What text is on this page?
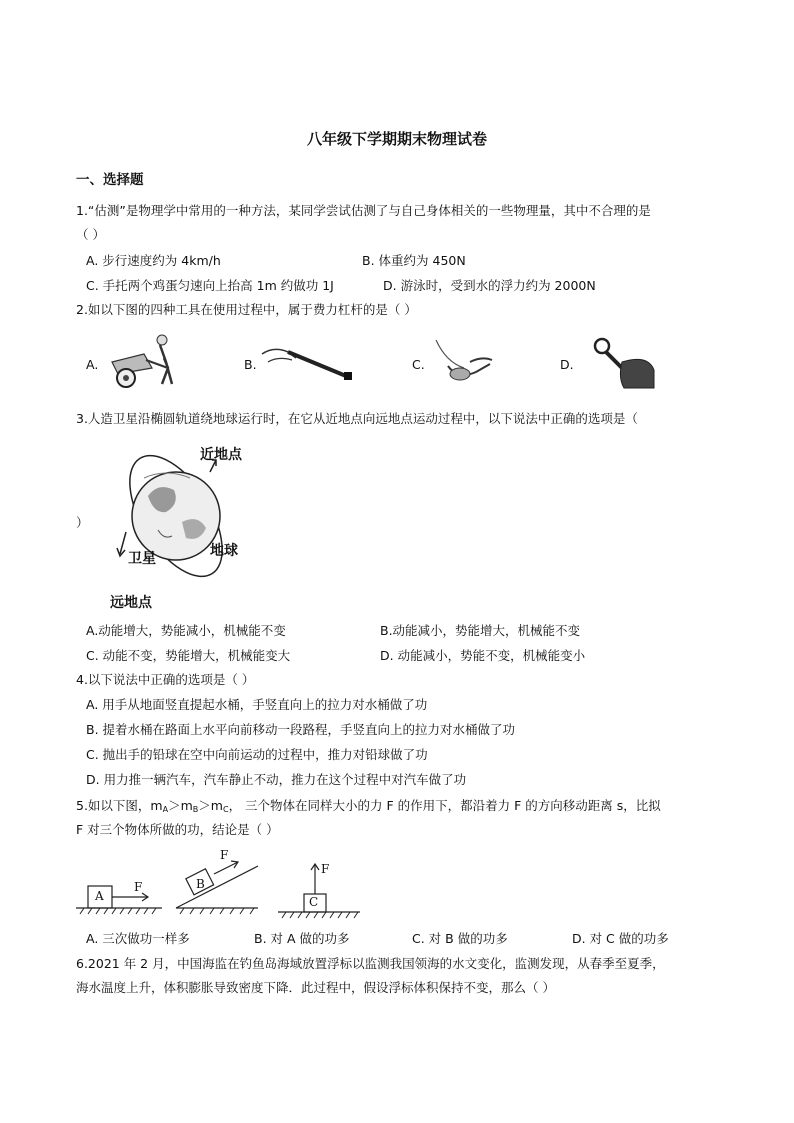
八年级下学期期末物理试卷
一、选择题
1.“估测”是物理学中常用的一种方法，某同学尝试估测了与自己身体相关的一些物理量，其中不合理的是
（ ）
A. 步行速度约为 4km/h	B. 体重约为 450N
C. 手托两个鸡蛋匀速向上抬高 1m 约做功 1J	D. 游泳时，受到水的浮力约为 2000N
2.如以下图的四种工具在使用过程中，属于费力杠杆的是（ ）
A.	B.	C.	D.
3.人造卫星沿椭圆轨道绕地球运行时，在它从近地点向远地点运动过程中，以下说法中正确的选项是（
）
近地点
地球
卫星
远地点
A.动能增大，势能减小，机械能不变	B.动能减小，势能增大，机械能不变
C. 动能不变，势能增大，机械能变大	D. 动能减小，势能不变，机械能变小
4.以下说法中正确的选项是（ ）
A. 用手从地面竖直提起水桶，手竖直向上的拉力对水桶做了功
B. 提着水桶在路面上水平向前移动一段路程，手竖直向上的拉力对水桶做了功
C. 抛出手的铅球在空中向前运动的过程中，推力对铅球做了功
D. 用力推一辆汽车，汽车静止不动，推力在这个过程中对汽车做了功
5.如以下图，$m_A>m_B>m_C$， 三个物体在同样大小的力 F 的作用下，都沿着力 F 的方向移动距离 s，比拟
F 对三个物体所做的功，结论是（ ）
A
F	B
F
C
F
A. 三次做功一样多	B. 对 A 做的功多	C. 对 B 做的功多	D. 对 C 做的功多
6.2021 年 2 月，中国海监在钓鱼岛海域放置浮标以监测我国领海的水文变化，监测发现，从春季至夏季，
海水温度上升，体积膨胀导致密度下降．此过程中，假设浮标体积保持不变，那么（ ）
